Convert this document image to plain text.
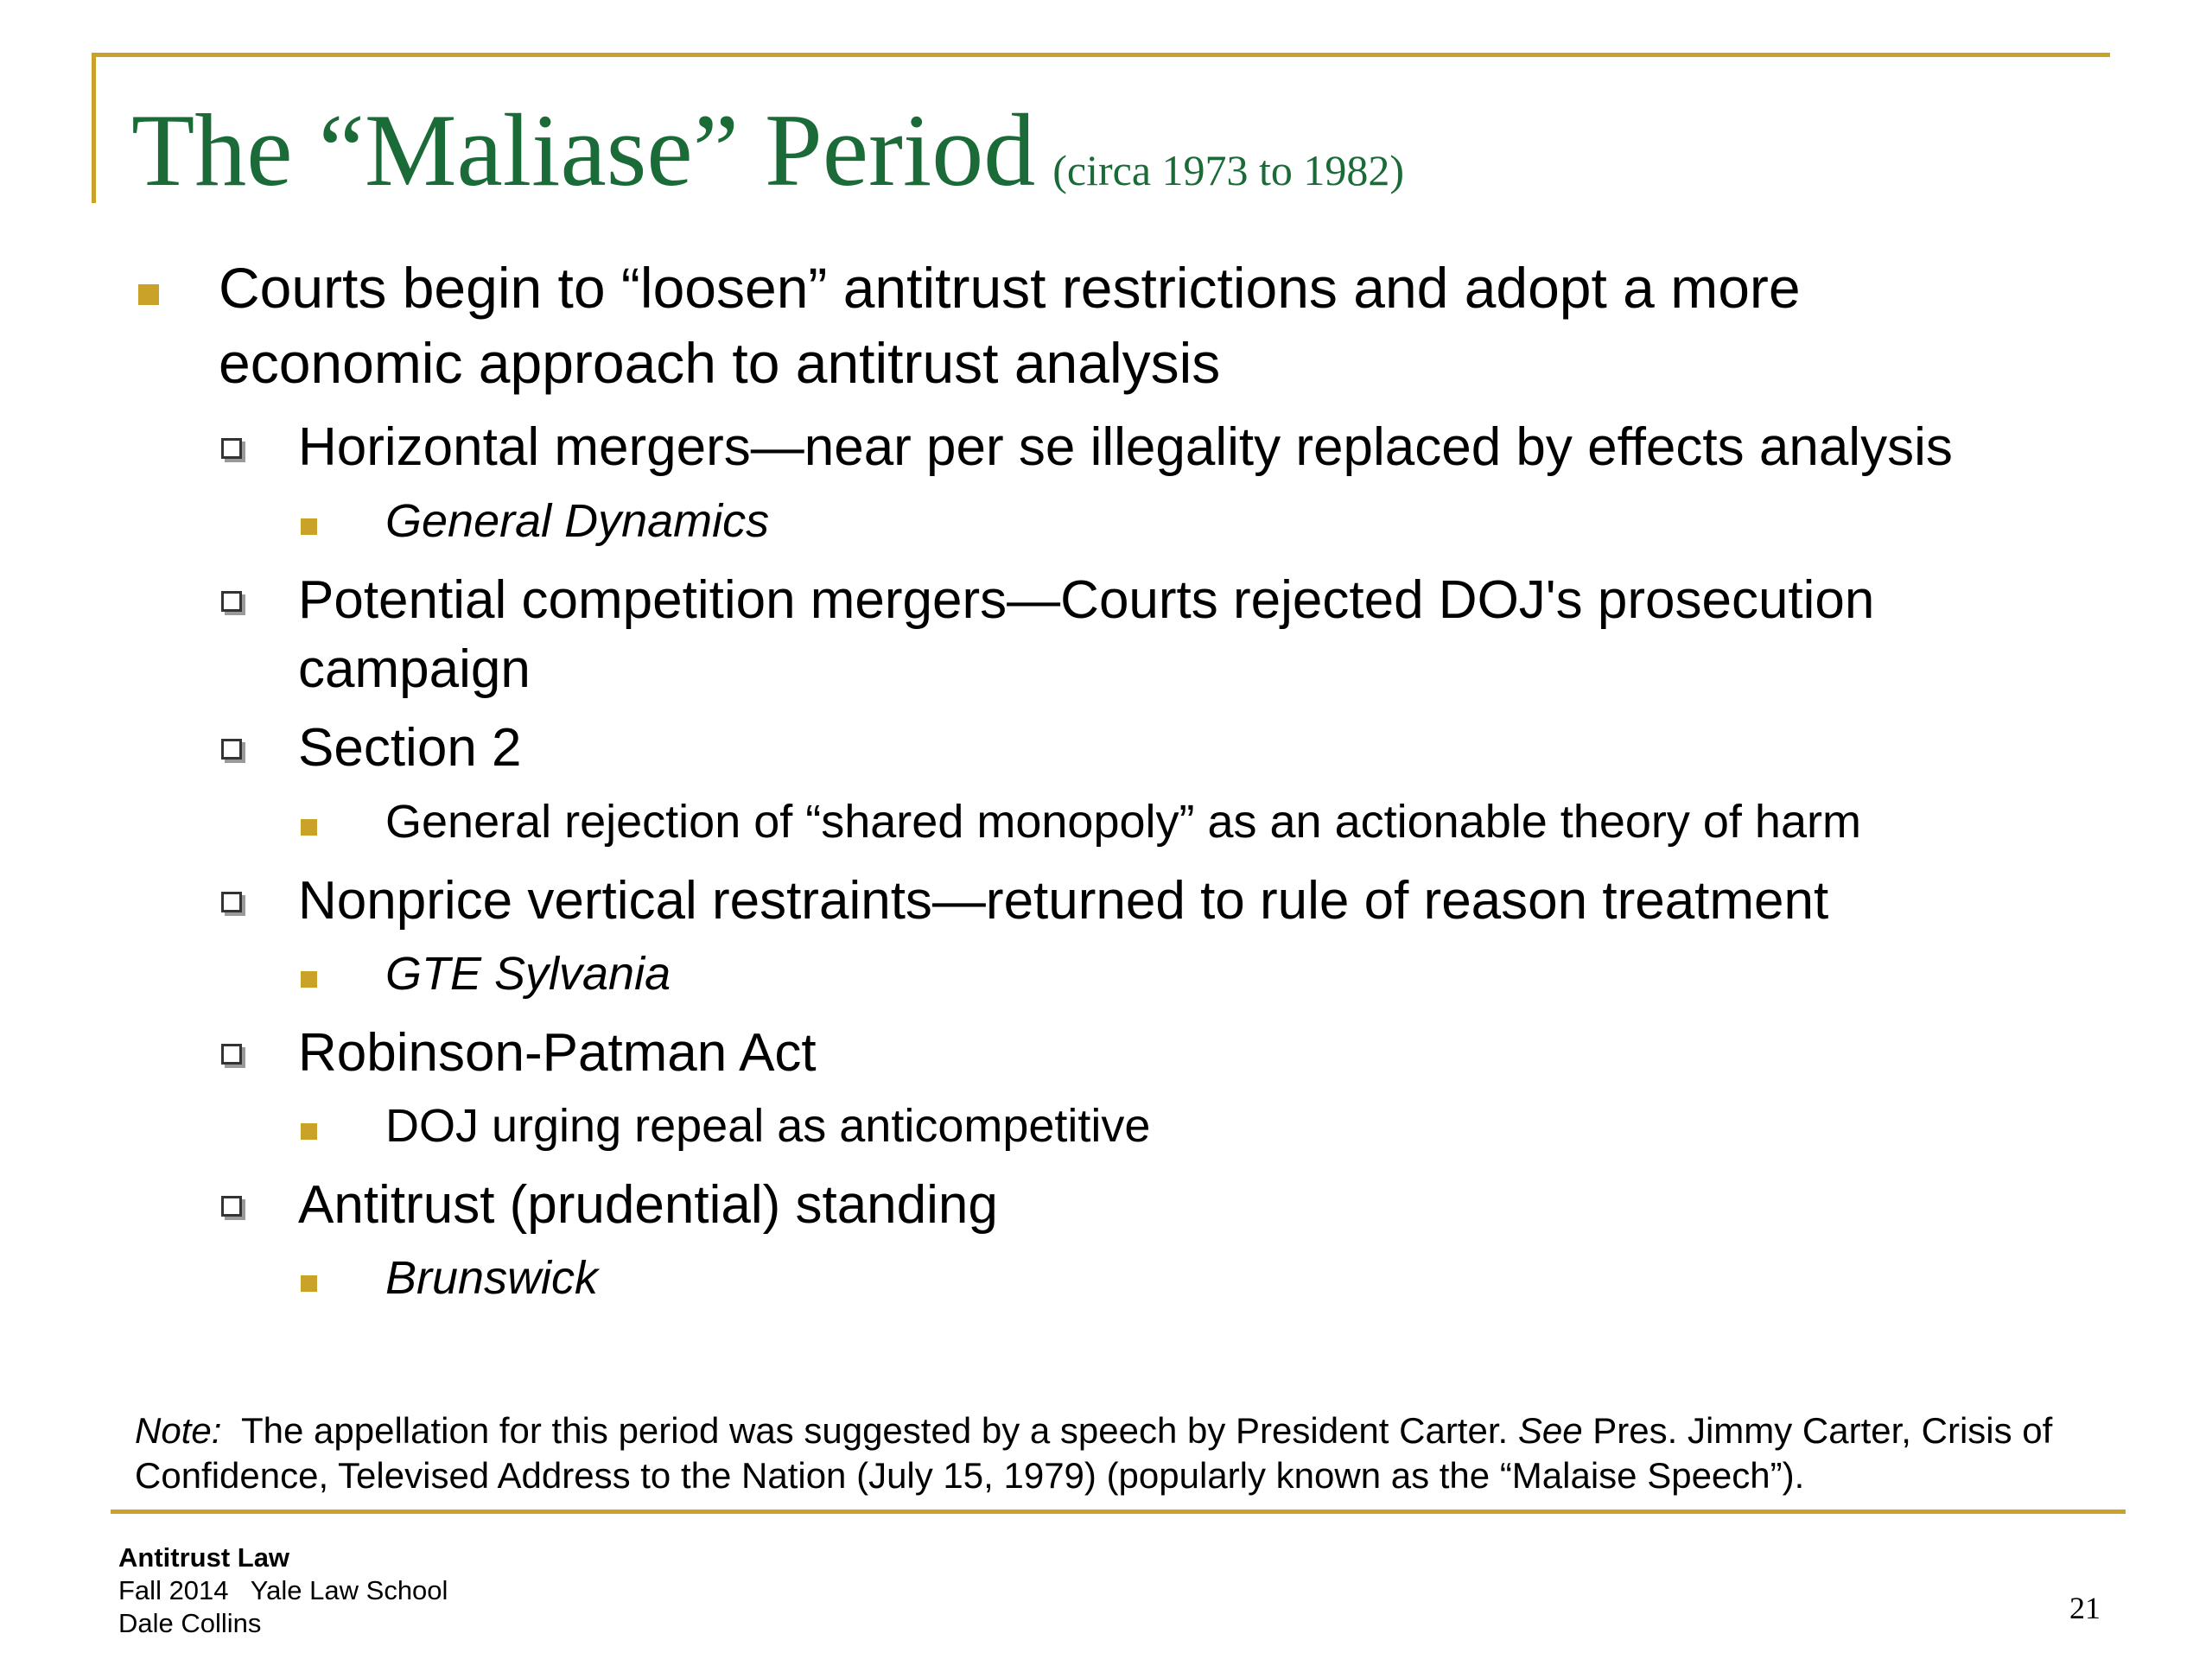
The “Maliase” Period (circa 1973 to 1982)
Courts begin to “loosen” antitrust restrictions and adopt a more economic approach to antitrust analysis
Horizontal mergers—near per se illegality replaced by effects analysis
General Dynamics
Potential competition mergers—Courts rejected DOJ's prosecution campaign
Section 2
General rejection of “shared monopoly” as an actionable theory of harm
Nonprice vertical restraints—returned to rule of reason treatment
GTE Sylvania
Robinson-Patman Act
DOJ urging repeal as anticompetitive
Antitrust (prudential) standing
Brunswick
Note: The appellation for this period was suggested by a speech by President Carter. See Pres. Jimmy Carter, Crisis of Confidence, Televised Address to the Nation (July 15, 1979) (popularly known as the “Malaise Speech”).
Antitrust Law
Fall 2014   Yale Law School
Dale Collins	21
